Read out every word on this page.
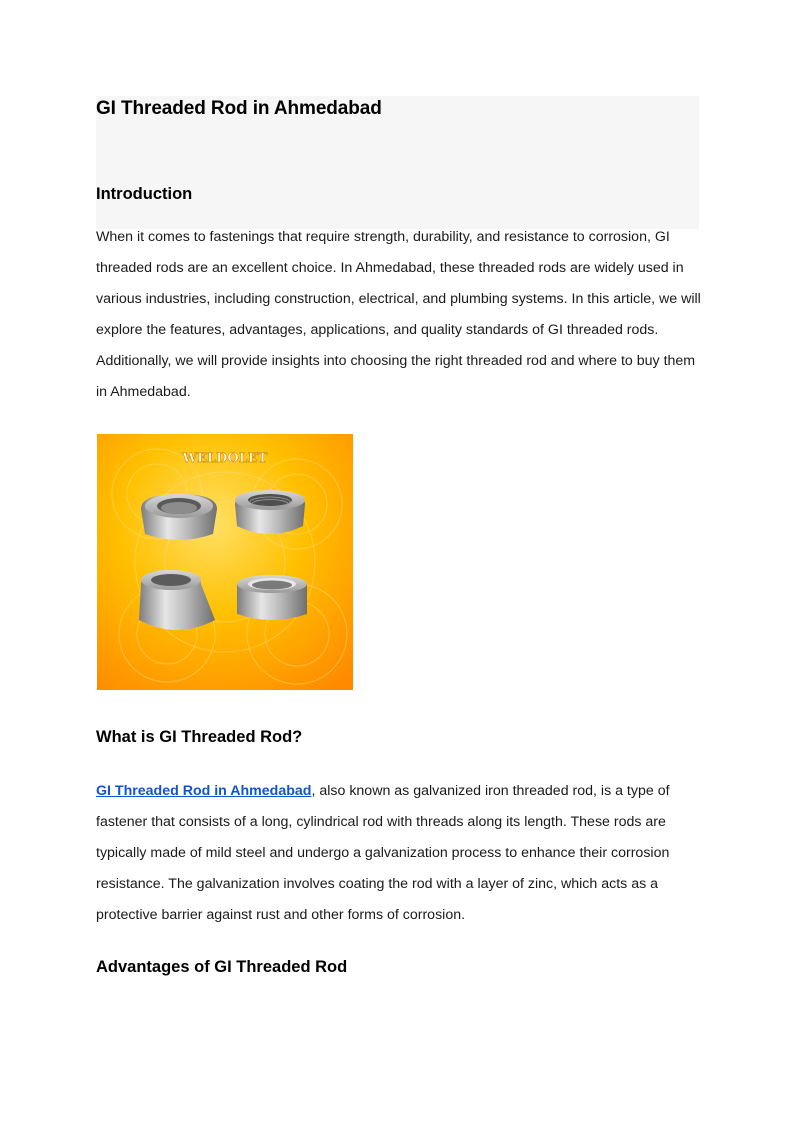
GI Threaded Rod in Ahmedabad
Introduction

When it comes to fastenings that require strength, durability, and resistance to corrosion, GI threaded rods are an excellent choice. In Ahmedabad, these threaded rods are widely used in various industries, including construction, electrical, and plumbing systems. In this article, we will explore the features, advantages, applications, and quality standards of GI threaded rods. Additionally, we will provide insights into choosing the right threaded rod and where to buy them in Ahmedabad.

WELDOLET
What is GI Threaded Rod?

GI Threaded Rod in Ahmedabad, also known as galvanized iron threaded rod, is a type of fastener that consists of a long, cylindrical rod with threads along its length. These rods are typically made of mild steel and undergo a galvanization process to enhance their corrosion resistance. The galvanization involves coating the rod with a layer of zinc, which acts as a protective barrier against rust and other forms of corrosion.

Advantages of GI Threaded Rod
